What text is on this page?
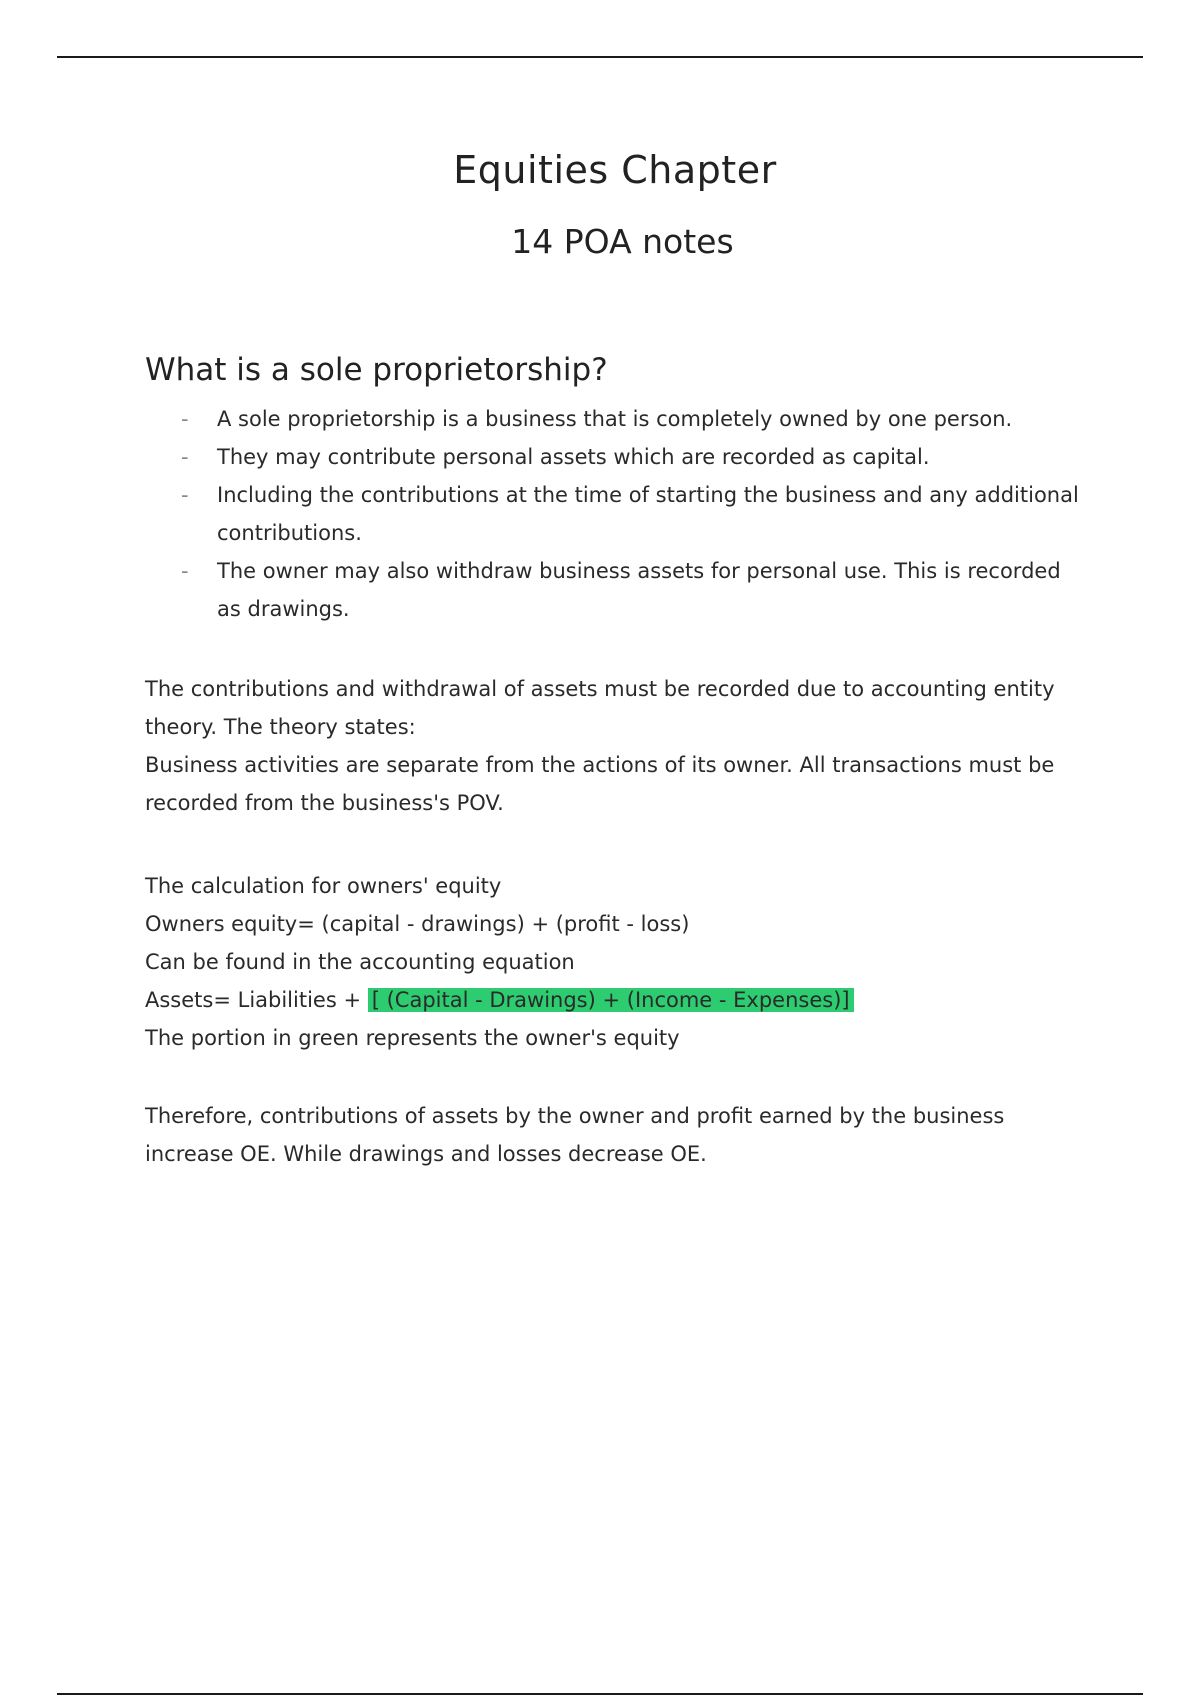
Equities Chapter
14 POA notes
What is a sole proprietorship?
- A sole proprietorship is a business that is completely owned by one person.
- They may contribute personal assets which are recorded as capital.
- Including the contributions at the time of starting the business and any additional contributions.
- The owner may also withdraw business assets for personal use. This is recorded as drawings.

The contributions and withdrawal of assets must be recorded due to accounting entity theory. The theory states:

Business activities are separate from the actions of its owner. All transactions must be recorded from the business's POV.

The calculation for owners' equity

Owners equity= (capital - drawings) + (profit - loss)

Can be found in the accounting equation

Assets= Liabilities + [ (Capital - Drawings) + (Income - Expenses)]

The portion in green represents the owner's equity

Therefore, contributions of assets by the owner and profit earned by the business increase OE. While drawings and losses decrease OE.
